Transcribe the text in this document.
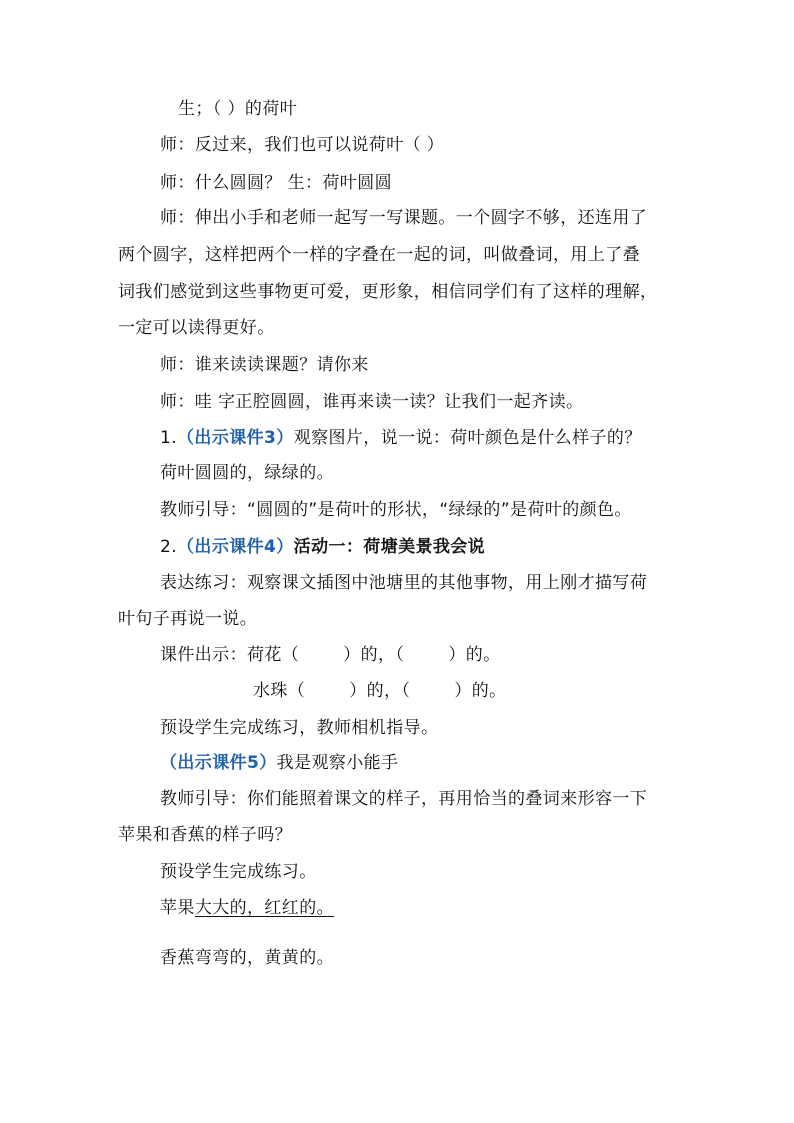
生；（ ）的荷叶
师：反过来，我们也可以说荷叶（ ）
师：什么圆圆？ 生：荷叶圆圆
师：伸出小手和老师一起写一写课题。一个圆字不够，还连用了
两个圆字，这样把两个一样的字叠在一起的词，叫做叠词，用上了叠
词我们感觉到这些事物更可爱，更形象，相信同学们有了这样的理解，
一定可以读得更好。
师：谁来读读课题？请你来
师：哇 字正腔圆圆，谁再来读一读？让我们一起齐读。
1.（出示课件3）观察图片，说一说：荷叶颜色是什么样子的？
荷叶圆圆的，绿绿的。
教师引导：“圆圆的”是荷叶的形状，“绿绿的”是荷叶的颜色。
2.（出示课件4）活动一：荷塘美景我会说
表达练习：观察课文插图中池塘里的其他事物，用上刚才描写荷
叶句子再说一说。
课件出示：荷花（	）的，（	）的。
水珠（	）的，（	）的。
预设学生完成练习，教师相机指导。
（出示课件5）我是观察小能手
教师引导：你们能照着课文的样子，再用恰当的叠词来形容一下
苹果和香蕉的样子吗？
预设学生完成练习。
苹果大大的，红红的。
香蕉弯弯的，黄黄的。
